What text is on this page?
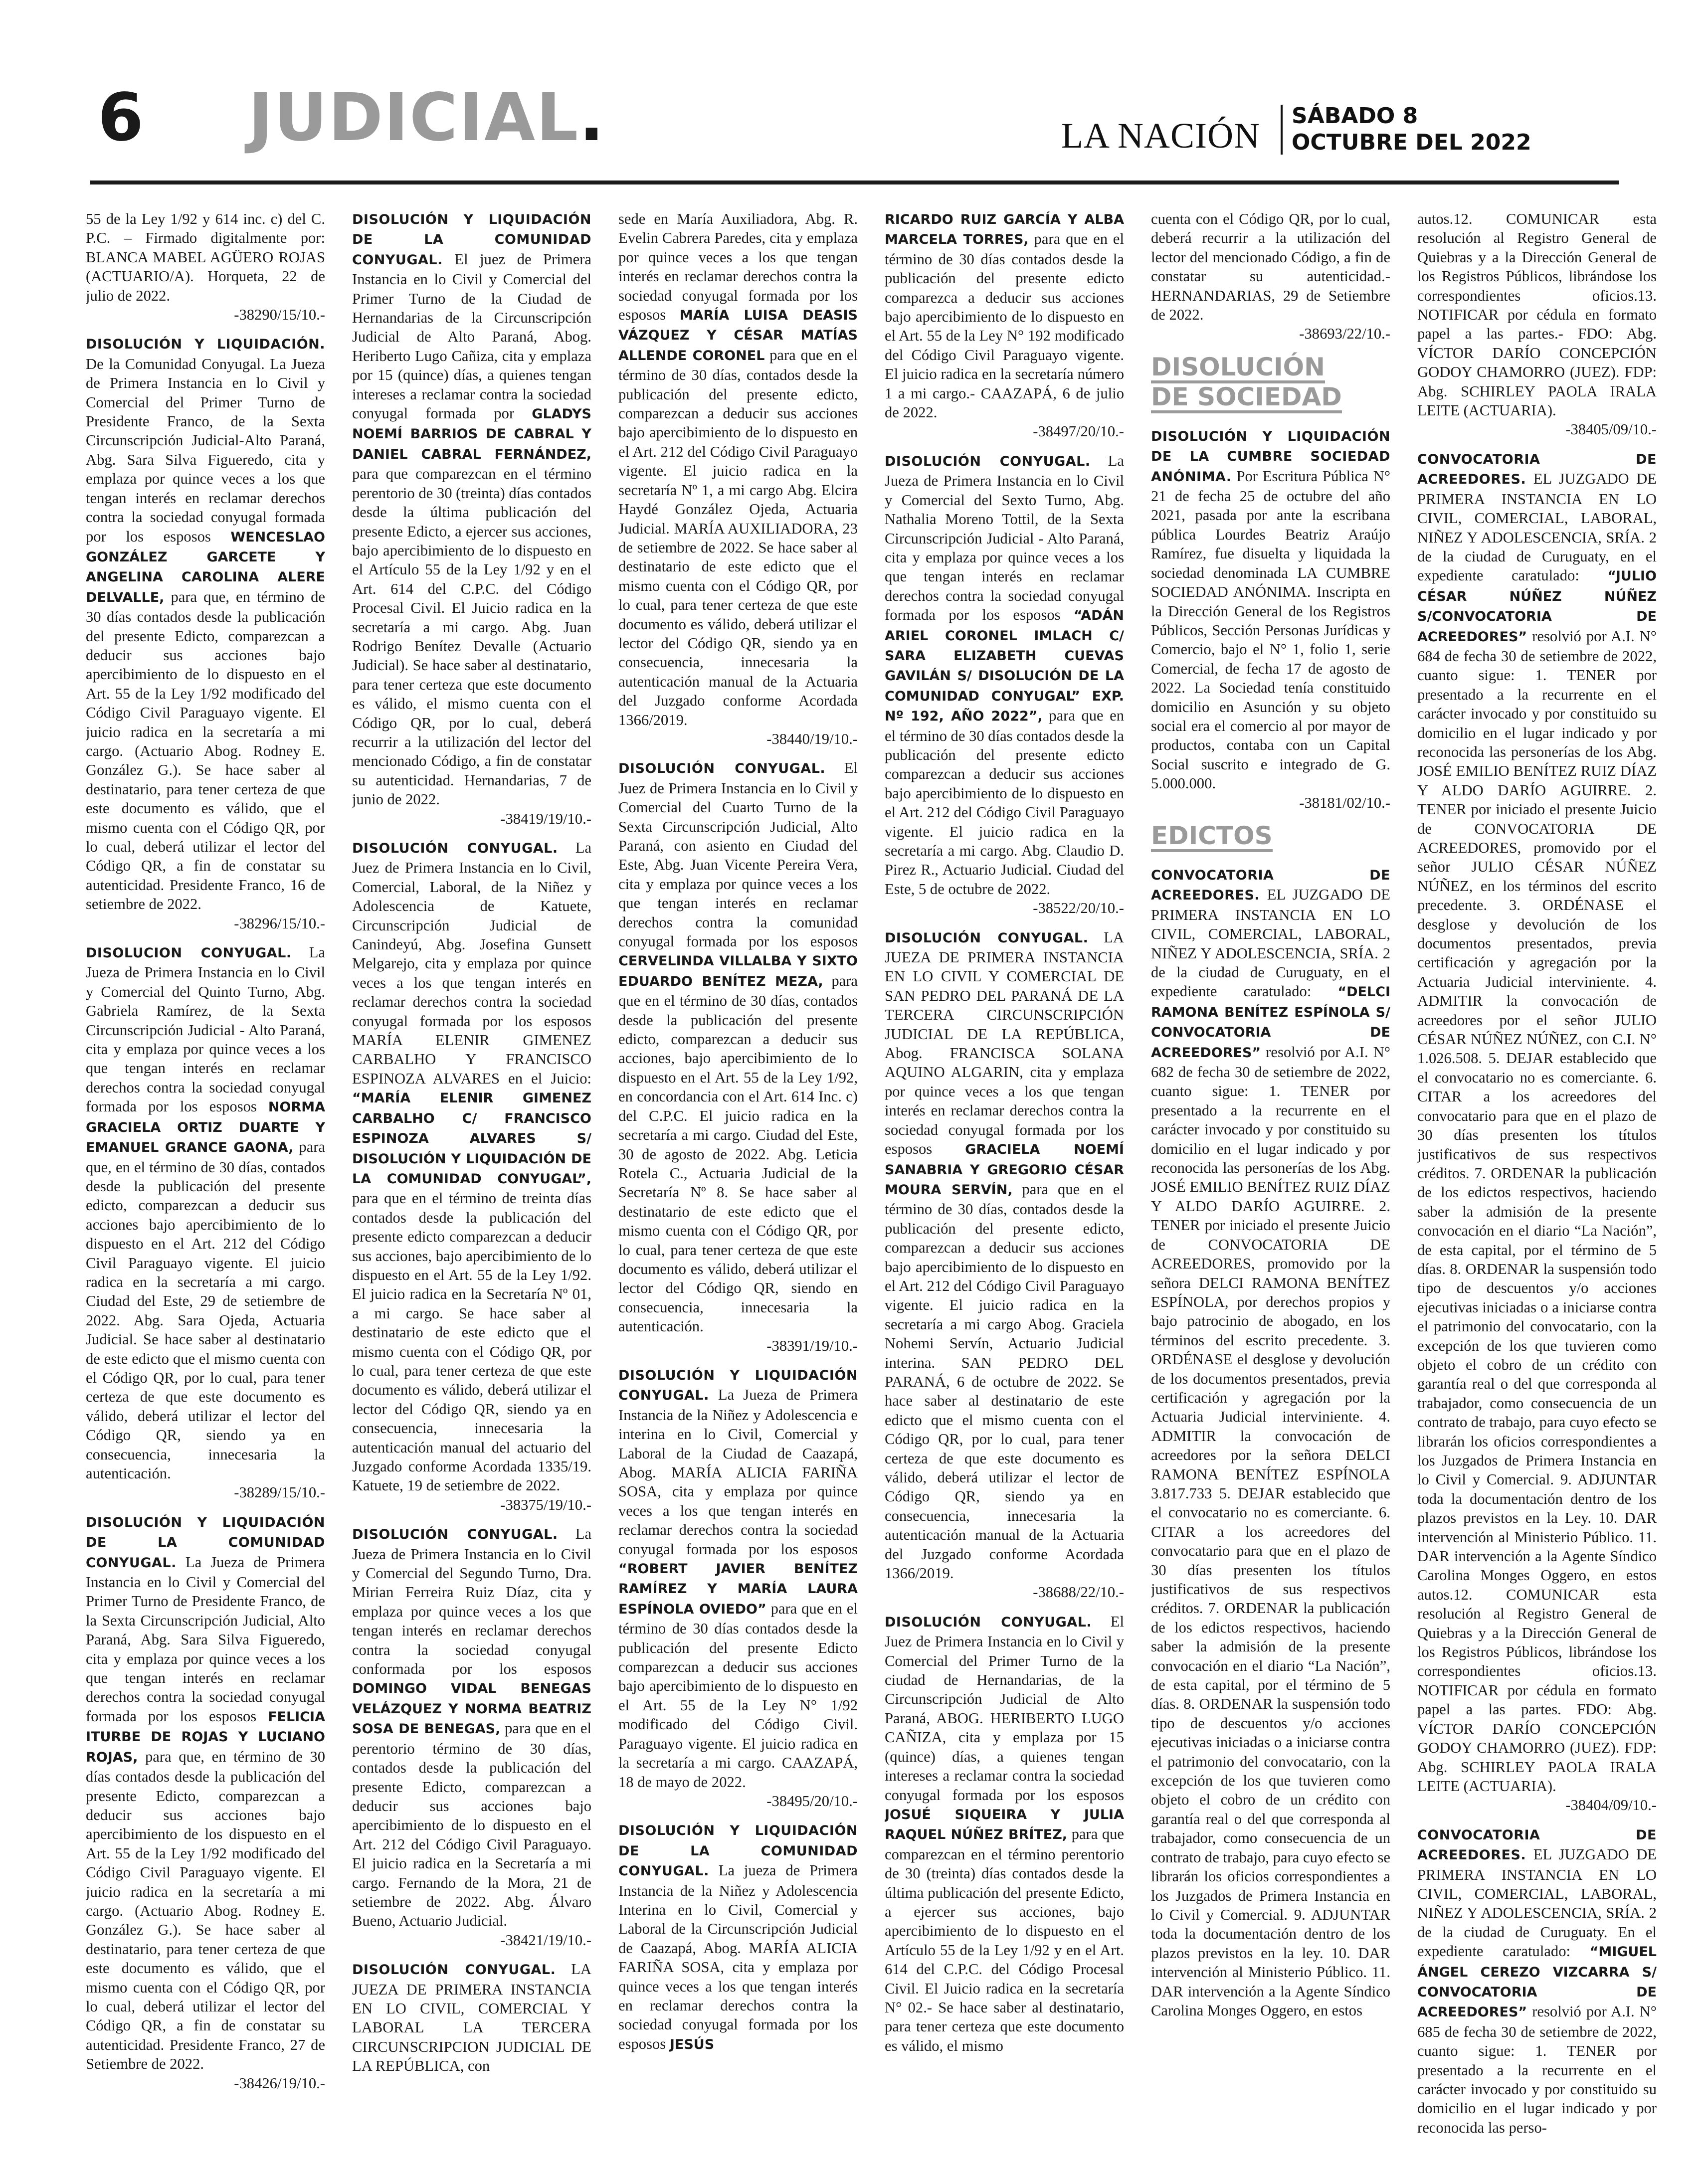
6 JUDICIAL.	LA NACIÓN SÁBADO 8
OCTUBRE DEL 2022

55 de la Ley 1/92 y 614 inc. c) del C. P.C. – Firmado digitalmente por: BLANCA MABEL AGÜERO ROJAS (ACTUARIO/A). Horqueta, 22 de julio de 2022.
-38290/15/10.-

DISOLUCIÓN Y LIQUIDACIÓN. De la Comunidad Conyugal. La Jueza de Primera Instancia en lo Civil y Comercial del Primer Turno de Presidente Franco, de la Sexta Circunscripción Judicial-Alto Paraná, Abg. Sara Silva Figueredo, cita y emplaza por quince veces a los que tengan interés en reclamar derechos contra la sociedad conyugal formada por los esposos WENCESLAO GONZÁLEZ GARCETE Y ANGELINA CAROLINA ALERE DELVALLE, para que, en término de 30 días contados desde la publicación del presente Edicto, comparezcan a deducir sus acciones bajo apercibimiento de lo dispuesto en el Art. 55 de la Ley 1/92 modificado del Código Civil Paraguayo vigente. El juicio radica en la secretaría a mi cargo. (Actuario Abog. Rodney E. González G.). Se hace saber al destinatario, para tener certeza de que este documento es válido, que el mismo cuenta con el Código QR, por lo cual, deberá utilizar el lector del Código QR, a fin de constatar su autenticidad. Presidente Franco, 16 de setiembre de 2022.
-38296/15/10.-

DISOLUCION CONYUGAL. La Jueza de Primera Instancia en lo Civil y Comercial del Quinto Turno, Abg. Gabriela Ramírez, de la Sexta Circunscripción Judicial - Alto Paraná, cita y emplaza por quince veces a los que tengan interés en reclamar derechos contra la sociedad conyugal formada por los esposos NORMA GRACIELA ORTIZ DUARTE Y EMANUEL GRANCE GAONA, para que, en el término de 30 días, contados desde la publicación del presente edicto, comparezcan a deducir sus acciones bajo apercibimiento de lo dispuesto en el Art. 212 del Código Civil Paraguayo vigente. El juicio radica en la secretaría a mi cargo. Ciudad del Este, 29 de setiembre de 2022. Abg. Sara Ojeda, Actuaria Judicial. Se hace saber al destinatario de este edicto que el mismo cuenta con el Código QR, por lo cual, para tener certeza de que este documento es válido, deberá utilizar el lector del Código QR, siendo ya en consecuencia, innecesaria la autenticación.
-38289/15/10.-

DISOLUCIÓN Y LIQUIDACIÓN DE LA COMUNIDAD CONYUGAL. La Jueza de Primera Instancia en lo Civil y Comercial del Primer Turno de Presidente Franco, de la Sexta Circunscripción Judicial, Alto Paraná, Abg. Sara Silva Figueredo, cita y emplaza por quince veces a los que tengan interés en reclamar derechos contra la sociedad conyugal formada por los esposos FELICIA ITURBE DE ROJAS Y LUCIANO ROJAS, para que, en término de 30 días contados desde la publicación del presente Edicto, comparezcan a deducir sus acciones bajo apercibimiento de los dispuesto en el Art. 55 de la Ley 1/92 modificado del Código Civil Paraguayo vigente. El juicio radica en la secretaría a mi cargo. (Actuario Abog. Rodney E. González G.). Se hace saber al destinatario, para tener certeza de que este documento es válido, que el mismo cuenta con el Código QR, por lo cual, deberá utilizar el lector del Código QR, a fin de constatar su autenticidad. Presidente Franco, 27 de Setiembre de 2022.
-38426/19/10.-

DISOLUCIÓN Y LIQUIDACIÓN DE LA COMUNIDAD CONYUGAL. El juez de Primera Instancia en lo Civil y Comercial del Primer Turno de la Ciudad de Hernandarias de la Circunscripción Judicial de Alto Paraná, Abog. Heriberto Lugo Cañiza, cita y emplaza por 15 (quince) días, a quienes tengan intereses a reclamar contra la sociedad conyugal formada por GLADYS NOEMÍ BARRIOS DE CABRAL Y DANIEL CABRAL FERNÁNDEZ, para que comparezcan en el término perentorio de 30 (treinta) días contados desde la última publicación del presente Edicto, a ejercer sus acciones, bajo apercibimiento de lo dispuesto en el Artículo 55 de la Ley 1/92 y en el Art. 614 del C.P.C. del Código Procesal Civil. El Juicio radica en la secretaría a mi cargo. Abg. Juan Rodrigo Benítez Devalle (Actuario Judicial). Se hace saber al destinatario, para tener certeza que este documento es válido, el mismo cuenta con el Código QR, por lo cual, deberá recurrir a la utilización del lector del mencionado Código, a fin de constatar su autenticidad. Hernandarias, 7 de junio de 2022.
-38419/19/10.-

DISOLUCIÓN CONYUGAL. La Juez de Primera Instancia en lo Civil, Comercial, Laboral, de la Niñez y Adolescencia de Katuete, Circunscripción Judicial de Canindeyú, Abg. Josefina Gunsett Melgarejo, cita y emplaza por quince veces a los que tengan interés en reclamar derechos contra la sociedad conyugal formada por los esposos MARÍA ELENIR GIMENEZ CARBALHO Y FRANCISCO ESPINOZA ALVARES en el Juicio: “MARÍA ELENIR GIMENEZ CARBALHO C/ FRANCISCO ESPINOZA ALVARES S/ DISOLUCIÓN Y LIQUIDACIÓN DE LA COMUNIDAD CONYUGAL”, para que en el término de treinta días contados desde la publicación del presente edicto comparezcan a deducir sus acciones, bajo apercibimiento de lo dispuesto en el Art. 55 de la Ley 1/92. El juicio radica en la Secretaría Nº 01, a mi cargo. Se hace saber al destinatario de este edicto que el mismo cuenta con el Código QR, por lo cual, para tener certeza de que este documento es válido, deberá utilizar el lector del Código QR, siendo ya en consecuencia, innecesaria la autenticación manual del actuario del Juzgado conforme Acordada 1335/19. Katuete, 19 de setiembre de 2022.
-38375/19/10.-

DISOLUCIÓN CONYUGAL. La Jueza de Primera Instancia en lo Civil y Comercial del Segundo Turno, Dra. Mirian Ferreira Ruiz Díaz, cita y emplaza por quince veces a los que tengan interés en reclamar derechos contra la sociedad conyugal conformada por los esposos DOMINGO VIDAL BENEGAS VELÁZQUEZ Y NORMA BEATRIZ SOSA DE BENEGAS, para que en el perentorio término de 30 días, contados desde la publicación del presente Edicto, comparezcan a deducir sus acciones bajo apercibimiento de lo dispuesto en el Art. 212 del Código Civil Paraguayo. El juicio radica en la Secretaría a mi cargo. Fernando de la Mora, 21 de setiembre de 2022. Abg. Álvaro Bueno, Actuario Judicial.
-38421/19/10.-

DISOLUCIÓN CONYUGAL. LA JUEZA DE PRIMERA INSTANCIA EN LO CIVIL, COMERCIAL Y LABORAL LA TERCERA CIRCUNSCRIPCION JUDICIAL DE LA REPÚBLICA, con

sede en María Auxiliadora, Abg. R. Evelin Cabrera Paredes, cita y emplaza por quince veces a los que tengan interés en reclamar derechos contra la sociedad conyugal formada por los esposos MARÍA LUISA DEASIS VÁZQUEZ Y CÉSAR MATÍAS ALLENDE CORONEL para que en el término de 30 días, contados desde la publicación del presente edicto, comparezcan a deducir sus acciones bajo apercibimiento de lo dispuesto en el Art. 212 del Código Civil Paraguayo vigente. El juicio radica en la secretaría Nº 1, a mi cargo Abg. Elcira Haydé González Ojeda, Actuaria Judicial. MARÍA AUXILIADORA, 23 de setiembre de 2022. Se hace saber al destinatario de este edicto que el mismo cuenta con el Código QR, por lo cual, para tener certeza de que este documento es válido, deberá utilizar el lector del Código QR, siendo ya en consecuencia, innecesaria la autenticación manual de la Actuaria del Juzgado conforme Acordada 1366/2019.
-38440/19/10.-

DISOLUCIÓN CONYUGAL. El Juez de Primera Instancia en lo Civil y Comercial del Cuarto Turno de la Sexta Circunscripción Judicial, Alto Paraná, con asiento en Ciudad del Este, Abg. Juan Vicente Pereira Vera, cita y emplaza por quince veces a los que tengan interés en reclamar derechos contra la comunidad conyugal formada por los esposos CERVELINDA VILLALBA Y SIXTO EDUARDO BENÍTEZ MEZA, para que en el término de 30 días, contados desde la publicación del presente edicto, comparezcan a deducir sus acciones, bajo apercibimiento de lo dispuesto en el Art. 55 de la Ley 1/92, en concordancia con el Art. 614 Inc. c) del C.P.C. El juicio radica en la secretaría a mi cargo. Ciudad del Este, 30 de agosto de 2022. Abg. Leticia Rotela C., Actuaria Judicial de la Secretaría Nº 8. Se hace saber al destinatario de este edicto que el mismo cuenta con el Código QR, por lo cual, para tener certeza de que este documento es válido, deberá utilizar el lector del Código QR, siendo en consecuencia, innecesaria la autenticación.
-38391/19/10.-

DISOLUCIÓN Y LIQUIDACIÓN CONYUGAL. La Jueza de Primera Instancia de la Niñez y Adolescencia e interina en lo Civil, Comercial y Laboral de la Ciudad de Caazapá, Abog. MARÍA ALICIA FARIÑA SOSA, cita y emplaza por quince veces a los que tengan interés en reclamar derechos contra la sociedad conyugal formada por los esposos “ROBERT JAVIER BENÍTEZ RAMÍREZ Y MARÍA LAURA ESPÍNOLA OVIEDO” para que en el término de 30 días contados desde la publicación del presente Edicto comparezcan a deducir sus acciones bajo apercibimiento de lo dispuesto en el Art. 55 de la Ley N° 1/92 modificado del Código Civil. Paraguayo vigente. El juicio radica en la secretaría a mi cargo. CAAZAPÁ, 18 de mayo de 2022.
-38495/20/10.-

DISOLUCIÓN Y LIQUIDACIÓN DE LA COMUNIDAD CONYUGAL. La jueza de Primera Instancia de la Niñez y Adolescencia Interina en lo Civil, Comercial y Laboral de la Circunscripción Judicial de Caazapá, Abog. MARÍA ALICIA FARIÑA SOSA, cita y emplaza por quince veces a los que tengan interés en reclamar derechos contra la sociedad conyugal formada por los esposos JESÚS

RICARDO RUIZ GARCÍA Y ALBA MARCELA TORRES, para que en el término de 30 días contados desde la publicación del presente edicto comparezca a deducir sus acciones bajo apercibimiento de lo dispuesto en el Art. 55 de la Ley N° 192 modificado del Código Civil Paraguayo vigente. El juicio radica en la secretaría número 1 a mi cargo.- CAAZAPÁ, 6 de julio de 2022.
-38497/20/10.-

DISOLUCIÓN CONYUGAL. La Jueza de Primera Instancia en lo Civil y Comercial del Sexto Turno, Abg. Nathalia Moreno Tottil, de la Sexta Circunscripción Judicial - Alto Paraná, cita y emplaza por quince veces a los que tengan interés en reclamar derechos contra la sociedad conyugal formada por los esposos “ADÁN ARIEL CORONEL IMLACH C/ SARA ELIZABETH CUEVAS GAVILÁN S/ DISOLUCIÓN DE LA COMUNIDAD CONYUGAL” EXP. Nº 192, AÑO 2022”, para que en el término de 30 días contados desde la publicación del presente edicto comparezcan a deducir sus acciones bajo apercibimiento de lo dispuesto en el Art. 212 del Código Civil Paraguayo vigente. El juicio radica en la secretaría a mi cargo. Abg. Claudio D. Pirez R., Actuario Judicial. Ciudad del Este, 5 de octubre de 2022.
-38522/20/10.-

DISOLUCIÓN CONYUGAL. LA JUEZA DE PRIMERA INSTANCIA EN LO CIVIL Y COMERCIAL DE SAN PEDRO DEL PARANÁ DE LA TERCERA CIRCUNSCRIPCIÓN JUDICIAL DE LA REPÚBLICA, Abog. FRANCISCA SOLANA AQUINO ALGARIN, cita y emplaza por quince veces a los que tengan interés en reclamar derechos contra la sociedad conyugal formada por los esposos GRACIELA NOEMÍ SANABRIA Y GREGORIO CÉSAR MOURA SERVÍN, para que en el término de 30 días, contados desde la publicación del presente edicto, comparezcan a deducir sus acciones bajo apercibimiento de lo dispuesto en el Art. 212 del Código Civil Paraguayo vigente. El juicio radica en la secretaría a mi cargo Abog. Graciela Nohemi Servín, Actuario Judicial interina. SAN PEDRO DEL PARANÁ, 6 de octubre de 2022. Se hace saber al destinatario de este edicto que el mismo cuenta con el Código QR, por lo cual, para tener certeza de que este documento es válido, deberá utilizar el lector de Código QR, siendo ya en consecuencia, innecesaria la autenticación manual de la Actuaria del Juzgado conforme Acordada 1366/2019.
-38688/22/10.-

DISOLUCIÓN CONYUGAL. El Juez de Primera Instancia en lo Civil y Comercial del Primer Turno de la ciudad de Hernandarias, de la Circunscripción Judicial de Alto Paraná, ABOG. HERIBERTO LUGO CAÑIZA, cita y emplaza por 15 (quince) días, a quienes tengan intereses a reclamar contra la sociedad conyugal formada por los esposos JOSUÉ SIQUEIRA Y JULIA RAQUEL NÚÑEZ BRÍTEZ, para que comparezcan en el término perentorio de 30 (treinta) días contados desde la última publicación del presente Edicto, a ejercer sus acciones, bajo apercibimiento de lo dispuesto en el Artículo 55 de la Ley 1/92 y en el Art. 614 del C.P.C. del Código Procesal Civil. El Juicio radica en la secretaría N° 02.- Se hace saber al destinatario, para tener certeza que este documento es válido, el mismo

cuenta con el Código QR, por lo cual, deberá recurrir a la utilización del lector del mencionado Código, a fin de constatar su autenticidad.- HERNANDARIAS, 29 de Setiembre de 2022.
-38693/22/10.-

DISOLUCIÓN
DE SOCIEDAD

DISOLUCIÓN Y LIQUIDACIÓN DE LA CUMBRE SOCIEDAD ANÓNIMA. Por Escritura Pública N° 21 de fecha 25 de octubre del año 2021, pasada por ante la escribana pública Lourdes Beatriz Araújo Ramírez, fue disuelta y liquidada la sociedad denominada LA CUMBRE SOCIEDAD ANÓNIMA. Inscripta en la Dirección General de los Registros Públicos, Sección Personas Jurídicas y Comercio, bajo el N° 1, folio 1, serie Comercial, de fecha 17 de agosto de 2022. La Sociedad tenía constituido domicilio en Asunción y su objeto social era el comercio al por mayor de productos, contaba con un Capital Social suscrito e integrado de G. 5.000.000.
-38181/02/10.-

EDICTOS

CONVOCATORIA DE ACREEDORES. EL JUZGADO DE PRIMERA INSTANCIA EN LO CIVIL, COMERCIAL, LABORAL, NIÑEZ Y ADOLESCENCIA, SRÍA. 2 de la ciudad de Curuguaty, en el expediente caratulado: “DELCI RAMONA BENÍTEZ ESPÍNOLA S/ CONVOCATORIA DE ACREEDORES” resolvió por A.I. N° 682 de fecha 30 de setiembre de 2022, cuanto sigue: 1. TENER por presentado a la recurrente en el carácter invocado y por constituido su domicilio en el lugar indicado y por reconocida las personerías de los Abg. JOSÉ EMILIO BENÍTEZ RUIZ DÍAZ Y ALDO DARÍO AGUIRRE. 2. TENER por iniciado el presente Juicio de CONVOCATORIA DE ACREEDORES, promovido por la señora DELCI RAMONA BENÍTEZ ESPÍNOLA, por derechos propios y bajo patrocinio de abogado, en los términos del escrito precedente. 3. ORDÉNASE el desglose y devolución de los documentos presentados, previa certificación y agregación por la Actuaria Judicial interviniente. 4. ADMITIR la convocación de acreedores por la señora DELCI RAMONA BENÍTEZ ESPÍNOLA 3.817.733 5. DEJAR establecido que el convocatario no es comerciante. 6. CITAR a los acreedores del convocatario para que en el plazo de 30 días presenten los títulos justificativos de sus respectivos créditos. 7. ORDENAR la publicación de los edictos respectivos, haciendo saber la admisión de la presente convocación en el diario “La Nación”, de esta capital, por el término de 5 días. 8. ORDENAR la suspensión todo tipo de descuentos y/o acciones ejecutivas iniciadas o a iniciarse contra el patrimonio del convocatario, con la excepción de los que tuvieren como objeto el cobro de un crédito con garantía real o del que corresponda al trabajador, como consecuencia de un contrato de trabajo, para cuyo efecto se librarán los oficios correspondientes a los Juzgados de Primera Instancia en lo Civil y Comercial. 9. ADJUNTAR toda la documentación dentro de los plazos previstos en la ley. 10. DAR intervención al Ministerio Público. 11. DAR intervención a la Agente Síndico Carolina Monges Oggero, en estos

autos.12. COMUNICAR esta resolución al Registro General de Quiebras y a la Dirección General de los Registros Públicos, librándose los correspondientes oficios.13. NOTIFICAR por cédula en formato papel a las partes.- FDO: Abg. VÍCTOR DARÍO CONCEPCIÓN GODOY CHAMORRO (JUEZ). FDP: Abg. SCHIRLEY PAOLA IRALA LEITE (ACTUARIA).
-38405/09/10.-

CONVOCATORIA DE ACREEDORES. EL JUZGADO DE PRIMERA INSTANCIA EN LO CIVIL, COMERCIAL, LABORAL, NIÑEZ Y ADOLESCENCIA, SRÍA. 2 de la ciudad de Curuguaty, en el expediente caratulado: “JULIO CÉSAR NÚÑEZ NÚÑEZ S/CONVOCATORIA DE ACREEDORES” resolvió por A.I. N° 684 de fecha 30 de setiembre de 2022, cuanto sigue: 1. TENER por presentado a la recurrente en el carácter invocado y por constituido su domicilio en el lugar indicado y por reconocida las personerías de los Abg. JOSÉ EMILIO BENÍTEZ RUIZ DÍAZ Y ALDO DARÍO AGUIRRE. 2. TENER por iniciado el presente Juicio de CONVOCATORIA DE ACREEDORES, promovido por el señor JULIO CÉSAR NÚÑEZ NÚÑEZ, en los términos del escrito precedente. 3. ORDÉNASE el desglose y devolución de los documentos presentados, previa certificación y agregación por la Actuaria Judicial interviniente. 4. ADMITIR la convocación de acreedores por el señor JULIO CÉSAR NÚÑEZ NÚÑEZ, con C.I. N° 1.026.508. 5. DEJAR establecido que el convocatario no es comerciante. 6. CITAR a los acreedores del convocatario para que en el plazo de 30 días presenten los títulos justificativos de sus respectivos créditos. 7. ORDENAR la publicación de los edictos respectivos, haciendo saber la admisión de la presente convocación en el diario “La Nación”, de esta capital, por el término de 5 días. 8. ORDENAR la suspensión todo tipo de descuentos y/o acciones ejecutivas iniciadas o a iniciarse contra el patrimonio del convocatario, con la excepción de los que tuvieren como objeto el cobro de un crédito con garantía real o del que corresponda al trabajador, como consecuencia de un contrato de trabajo, para cuyo efecto se librarán los oficios correspondientes a los Juzgados de Primera Instancia en lo Civil y Comercial. 9. ADJUNTAR toda la documentación dentro de los plazos previstos en la Ley. 10. DAR intervención al Ministerio Público. 11. DAR intervención a la Agente Síndico Carolina Monges Oggero, en estos autos.12. COMUNICAR esta resolución al Registro General de Quiebras y a la Dirección General de los Registros Públicos, librándose los correspondientes oficios.13. NOTIFICAR por cédula en formato papel a las partes. FDO: Abg. VÍCTOR DARÍO CONCEPCIÓN GODOY CHAMORRO (JUEZ). FDP: Abg. SCHIRLEY PAOLA IRALA LEITE (ACTUARIA).
-38404/09/10.-

CONVOCATORIA DE ACREEDORES. EL JUZGADO DE PRIMERA INSTANCIA EN LO CIVIL, COMERCIAL, LABORAL, NIÑEZ Y ADOLESCENCIA, SRÍA. 2 de la ciudad de Curuguaty. En el expediente caratulado: “MIGUEL ÁNGEL CEREZO VIZCARRA S/ CONVOCATORIA DE ACREEDORES” resolvió por A.I. N° 685 de fecha 30 de setiembre de 2022, cuanto sigue: 1. TENER por presentado a la recurrente en el carácter invocado y por constituido su domicilio en el lugar indicado y por reconocida las perso-
